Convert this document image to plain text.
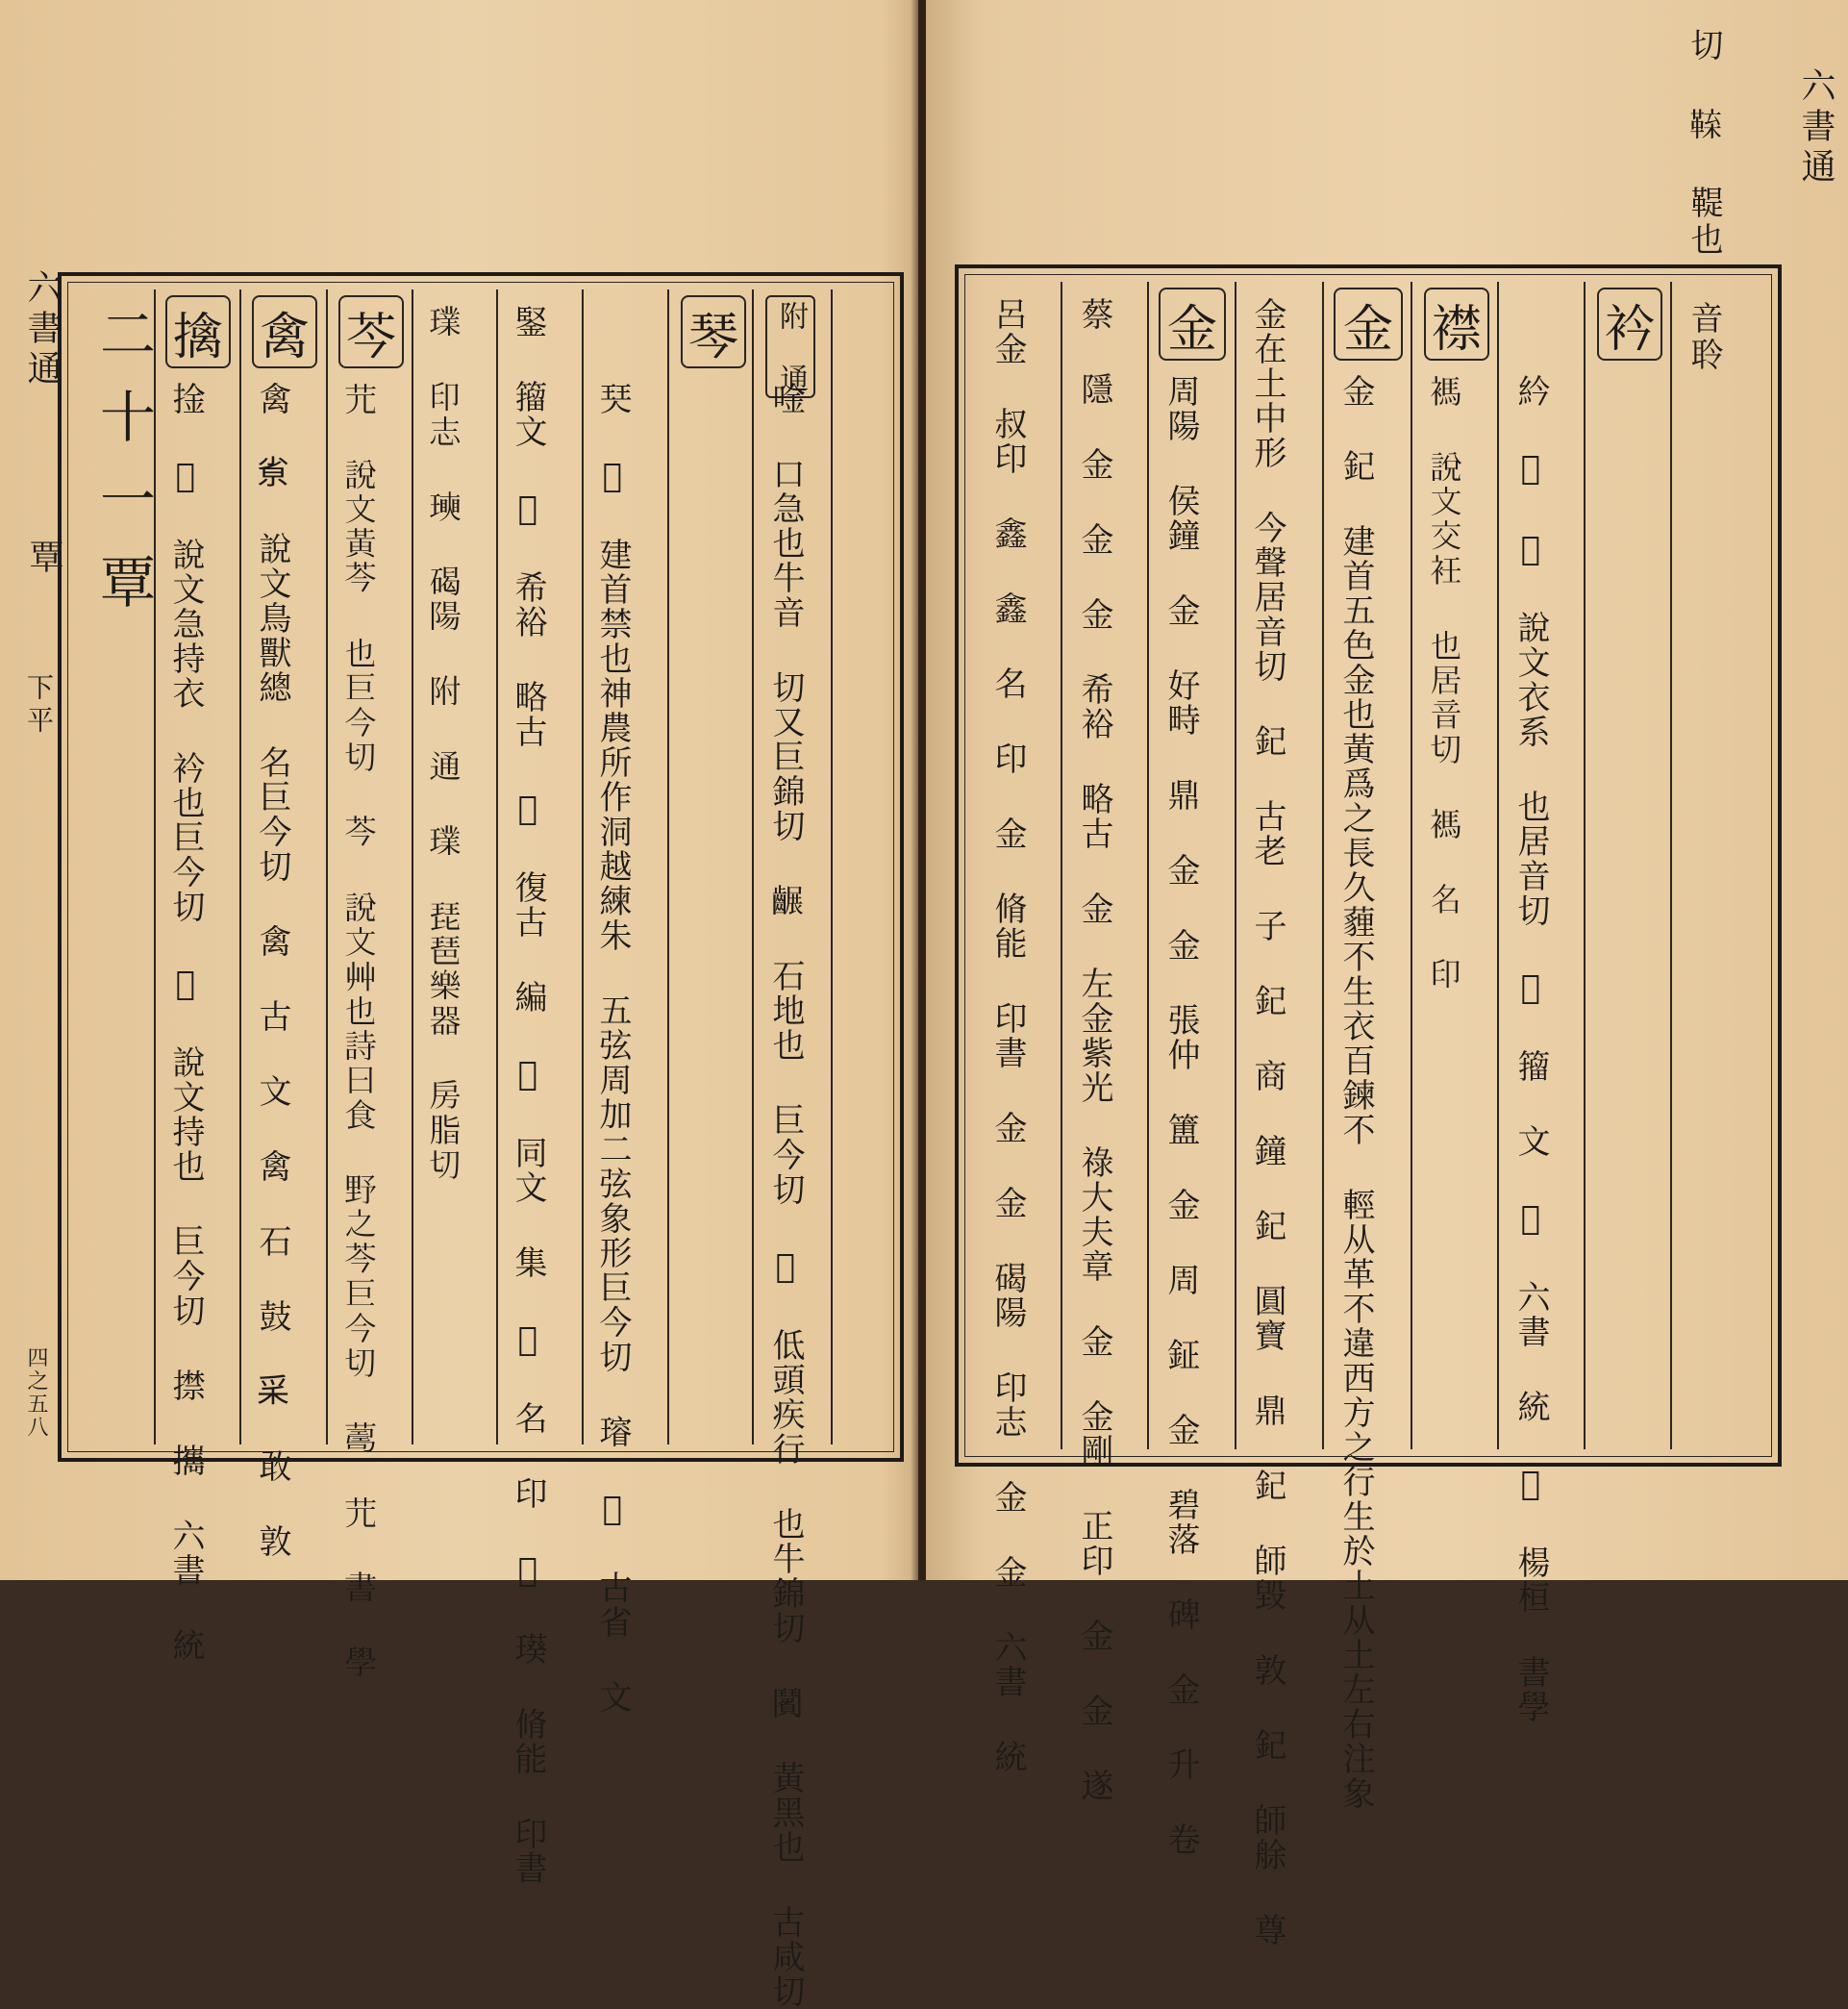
六書通
覃
下平
四之五八
二十一覃 擒
捦 𢹿 說文急持衣 衿也巨今切 𢹀 說文持也 巨今切 㩒 𢹂 六書 統
禽
禽 𡭽 說文鳥獸總 名巨今切 禽 古 文 禽 石 鼓 𥝩 敢 敦
芩
𦬂 說文黃芩 也巨今切 芩 說文艸也詩曰食 野之芩巨今切 𦺚 𦬂 書 學 𤩶 印志 𤩵 碣陽 附 通 𤩶 琵琶樂器 房脂切 鋻 籀文 𥏍 希裕 略古 𧻣 復古 編 𨯶 同文 集 𤩶 名 印 𤩵 𤩸 脩能 印書	琴
珡 𤩠 建首禁也神農所作洞越練朱 五弦周加二弦象形巨今切 𤩷 𤦪 古省 文
附 通
唫 口急也牛音 切又巨錦切 𪙕 石地也 巨今切 𨧸 低頭疾行 也牛錦切 𩰗 黃黑也 古咸切
六書通
呂金 叔印 鑫 鑫 名 印 金 脩能 印書 金 金 碣陽 印志 金 金 六書 統 蔡 隱 金 金 金 希裕 略古 金 左金紫光 祿大夫章 金 金剛 正印 金 金 遂 金
周陽 侯鐘 金 好畤 鼎 金 金 張仲 簠 金 周 鉦 金 碧落 碑 金 升 卷 金在土中形 今聲居音切 𨥈 古老 子 𨥈 商 鐘 𨥈 圓寶 鼎 𨥈 師毀 敦 𨥈 師艅 尊 金
金 𨥈 建首五色金也黃爲之長久薶不生衣百鍊不 輕从革不違西方之行生於土从土左右注象
襟
𧜗 說文交衽 也居音切 𧜗 名 印
衿
紟 𦀳 𦄆 說文衣系 也居音切 𦇍 籀 文 𢄂 六書 統 𧝍 楊桓 書學
切 𩋑 鞮也 音聆
